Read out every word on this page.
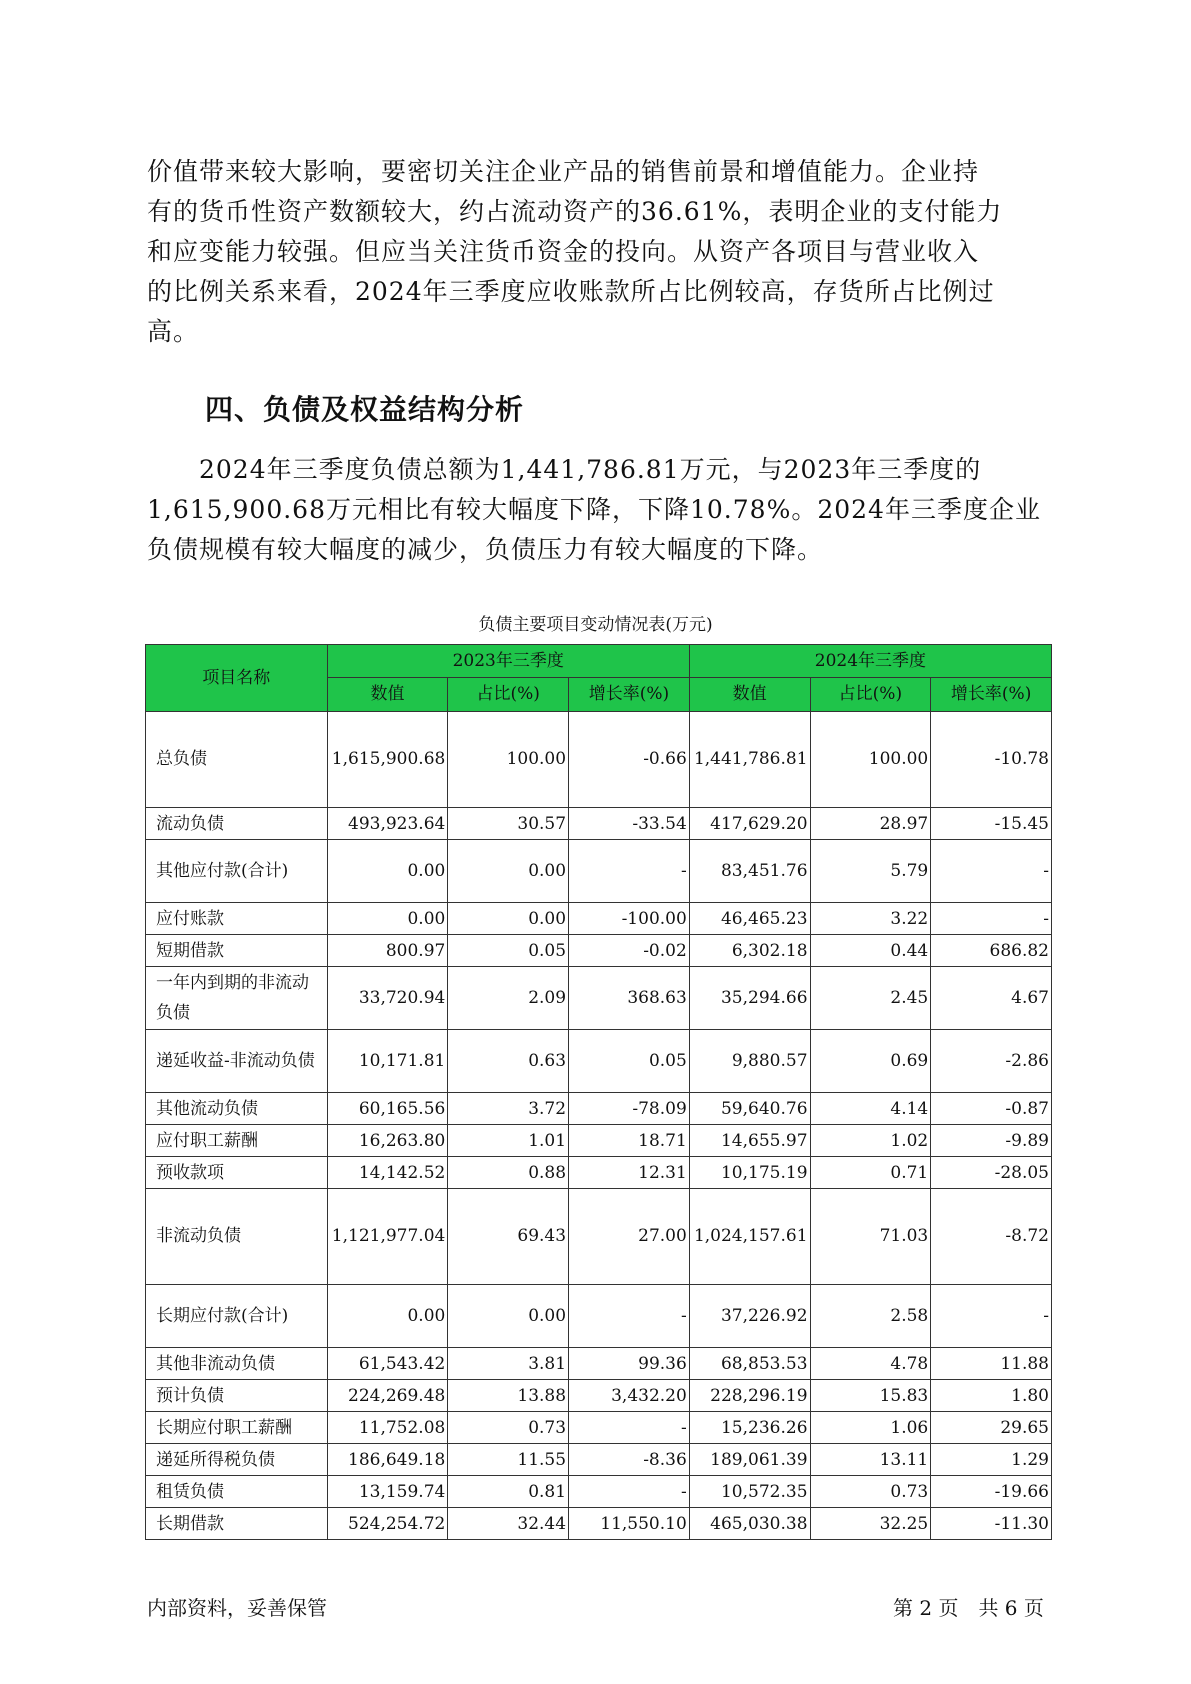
价值带来较大影响，要密切关注企业产品的销售前景和增值能力。企业持
有的货币性资产数额较大，约占流动资产的36.61%，表明企业的支付能力
和应变能力较强。但应当关注货币资金的投向。从资产各项目与营业收入
的比例关系来看，2024年三季度应收账款所占比例较高，存货所占比例过
高。
四、负债及权益结构分析
　　2024年三季度负债总额为1,441,786.81万元，与2023年三季度的
1,615,900.68万元相比有较大幅度下降，下降10.78%。2024年三季度企业
负债规模有较大幅度的减少，负债压力有较大幅度的下降。

负债主要项目变动情况表(万元)

项目名称	2023年三季度			2024年三季度		
	数值	占比(%)	增长率(%)	数值	占比(%)	增长率(%)
总负债	1,615,900.68	100.00	-0.66	1,441,786.81	100.00	-10.78
流动负债	493,923.64	30.57	-33.54	417,629.20	28.97	-15.45
其他应付款(合计)	0.00	0.00	-	83,451.76	5.79	-
应付账款	0.00	0.00	-100.00	46,465.23	3.22	-
短期借款	800.97	0.05	-0.02	6,302.18	0.44	686.82
一年内到期的非流动负债	33,720.94	2.09	368.63	35,294.66	2.45	4.67
递延收益-非流动负债	10,171.81	0.63	0.05	9,880.57	0.69	-2.86
其他流动负债	60,165.56	3.72	-78.09	59,640.76	4.14	-0.87
应付职工薪酬	16,263.80	1.01	18.71	14,655.97	1.02	-9.89
预收款项	14,142.52	0.88	12.31	10,175.19	0.71	-28.05
非流动负债	1,121,977.04	69.43	27.00	1,024,157.61	71.03	-8.72
长期应付款(合计)	0.00	0.00	-	37,226.92	2.58	-
其他非流动负债	61,543.42	3.81	99.36	68,853.53	4.78	11.88
预计负债	224,269.48	13.88	3,432.20	228,296.19	15.83	1.80
长期应付职工薪酬	11,752.08	0.73	-	15,236.26	1.06	29.65
递延所得税负债	186,649.18	11.55	-8.36	189,061.39	13.11	1.29
租赁负债	13,159.74	0.81	-	10,572.35	0.73	-19.66
长期借款	524,254.72	32.44	11,550.10	465,030.38	32.25	-11.30

内部资料，妥善保管	第 2 页　共 6 页
